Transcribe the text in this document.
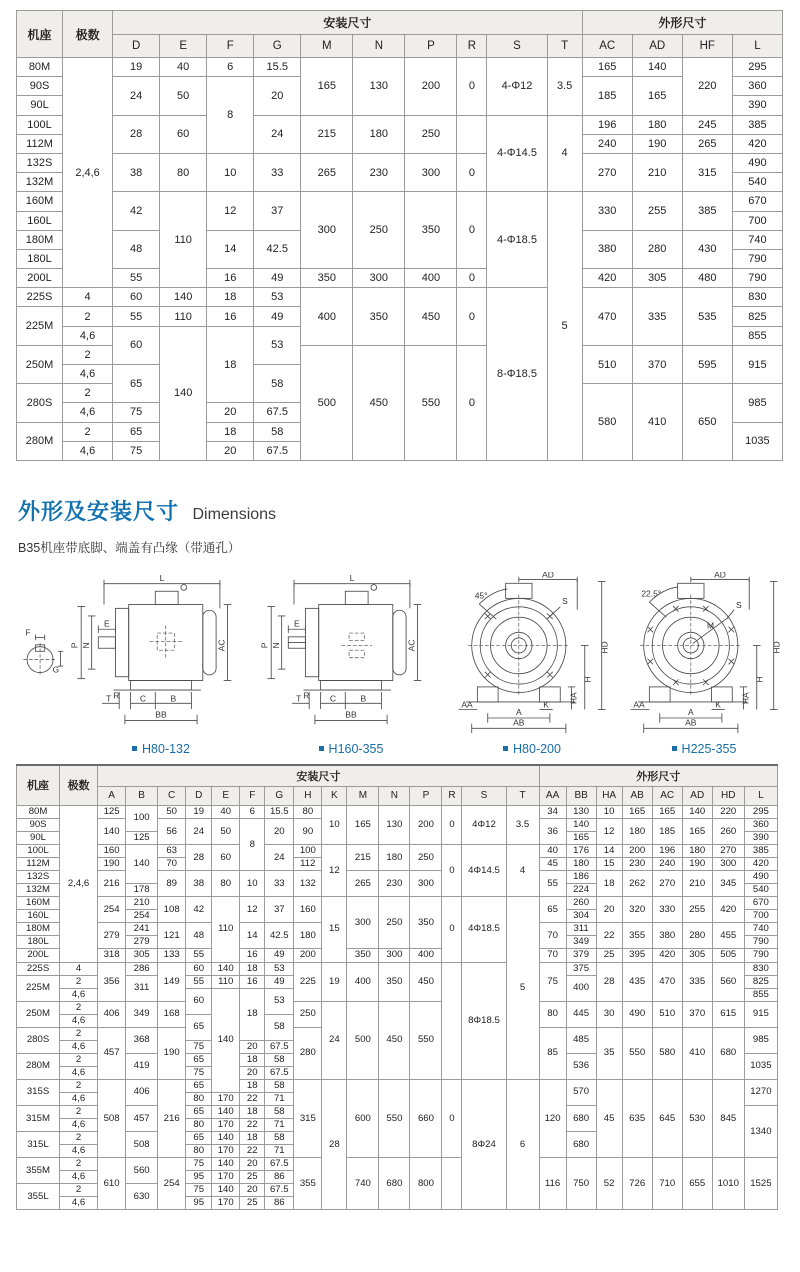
机座	极数	安装尺寸										外形尺寸			
		D	E	F	G	M	N	P	R	S	T	AC	AD	HF	L
80M	2,4,6	19	40	6	15.5	165	130	200	0	4-Φ12	3.5	165	140	220	295
90S		24	50	8	20							185	165		360
90L															390
100L		28	60		24	215	180	250		4-Φ14.5	4	196	180	245	385
112M												240	190	265	420
132S		38	80	10	33	265	230	300	0			270	210	315	490
132M															540
160M		42	110	12	37	300	250	350	0	4-Φ18.5	5	330	255	385	670
160L															700
180M		48		14	42.5							380	280	430	740
180L															790
200L		55		16	49	350	300	400	0			420	305	480	790
225S	4	60	140	18	53	400	350	450	0	8-Φ18.5		470	335	535	830
225M	2	55	110	16	49										825
	4,6	60	140	18	53										855
250M	2					500	450	550	0			510	370	595	915
	4,6	65			58										
280S	2											580	410	650	985
	4,6	75		20	67.5										
280M	2	65		18	58										1035
	4,6	75		20	67.5										
外形及安装尺寸 Dimensions
B35机座带底脚、端盖有凸缘（带通孔）
F
G
L
E
P N	AC
R
T	C	B
BB
H80-132
L
E
P N	AC
R
T	C	B
BB
H160-355
45°
AD
S
HD
H
HA
AA	K
A
AB
H80-200
22.5°
AD
S
M
HD
H
HA
AA	K
A
AB
H225-355
机座	极数	安装尺寸															外形尺寸							
		A	B	C	D	E	F	G	H	K	M	N	P	R	S	T	AA	BB	HA	AB	AC	AD	HD	L
80M	2,4,6	125	100	50	19	40	6	15.5	80	10	165	130	200	0	4Φ12	3.5	34	130	10	165	165	140	220	295
90S		140		56	24	50	8	20	90								36	140	12	180	185	165	260	360
90L			125															165						390
100L		160	140	63	28	60		24	100	12	215	180	250	0	4Φ14.5	4	40	176	14	200	196	180	270	385
112M		190		70					112								45	180	15	230	240	190	300	420
132S		216		89	38	80	10	33	132		265	230	300				55	186	18	262	270	210	345	490
132M			178															224						540
160M		254	210	108	42	110	12	37	160	15	300	250	350	0	4Φ18.5	5	65	260	20	320	330	255	420	670
160L			254															304						700
180M		279	241	121	48		14	42.5	180								70	311	22	355	380	280	455	740
180L			279															349						790
200L		318	305	133	55		16	49	200		350	300	400				70	379	25	395	420	305	505	790
225S	4	356	286	149	60	140	18	53	225	19	400	350	450		8Φ18.5		75	375	28	435	470	335	560	830
225M	2		311		55	110	16	49										400						825
	4,6				60	140	18	53																855
250M	2	406	349	168					250	24	500	450	550				80	445	30	490	510	370	615	915
	4,6				65			58																
280S	2	457	368	190					280								85	485	35	550	580	410	680	985
	4,6				75		20	67.5																
280M	2		419		65		18	58										536						1035
	4,6				75		20	67.5																
315S	2	508	406	216	65		18	58	315	28	600	550	660	0	8Φ24	6	120	570	45	635	645	530	845	1270
	4,6				80	170	22	71																
315M	2		457		65	140	18	58										680						1340
	4,6				80	170	22	71																
315L	2		508		65	140	18	58										680						
	4,6				80	170	22	71																
355M	2	610	560	254	75	140	20	67.5	355		740	680	800				116	750	52	726	710	655	1010	1525
	4,6				95	170	25	86																
355L	2		630		75	140	20	67.5																
	4,6				95	170	25	86																
